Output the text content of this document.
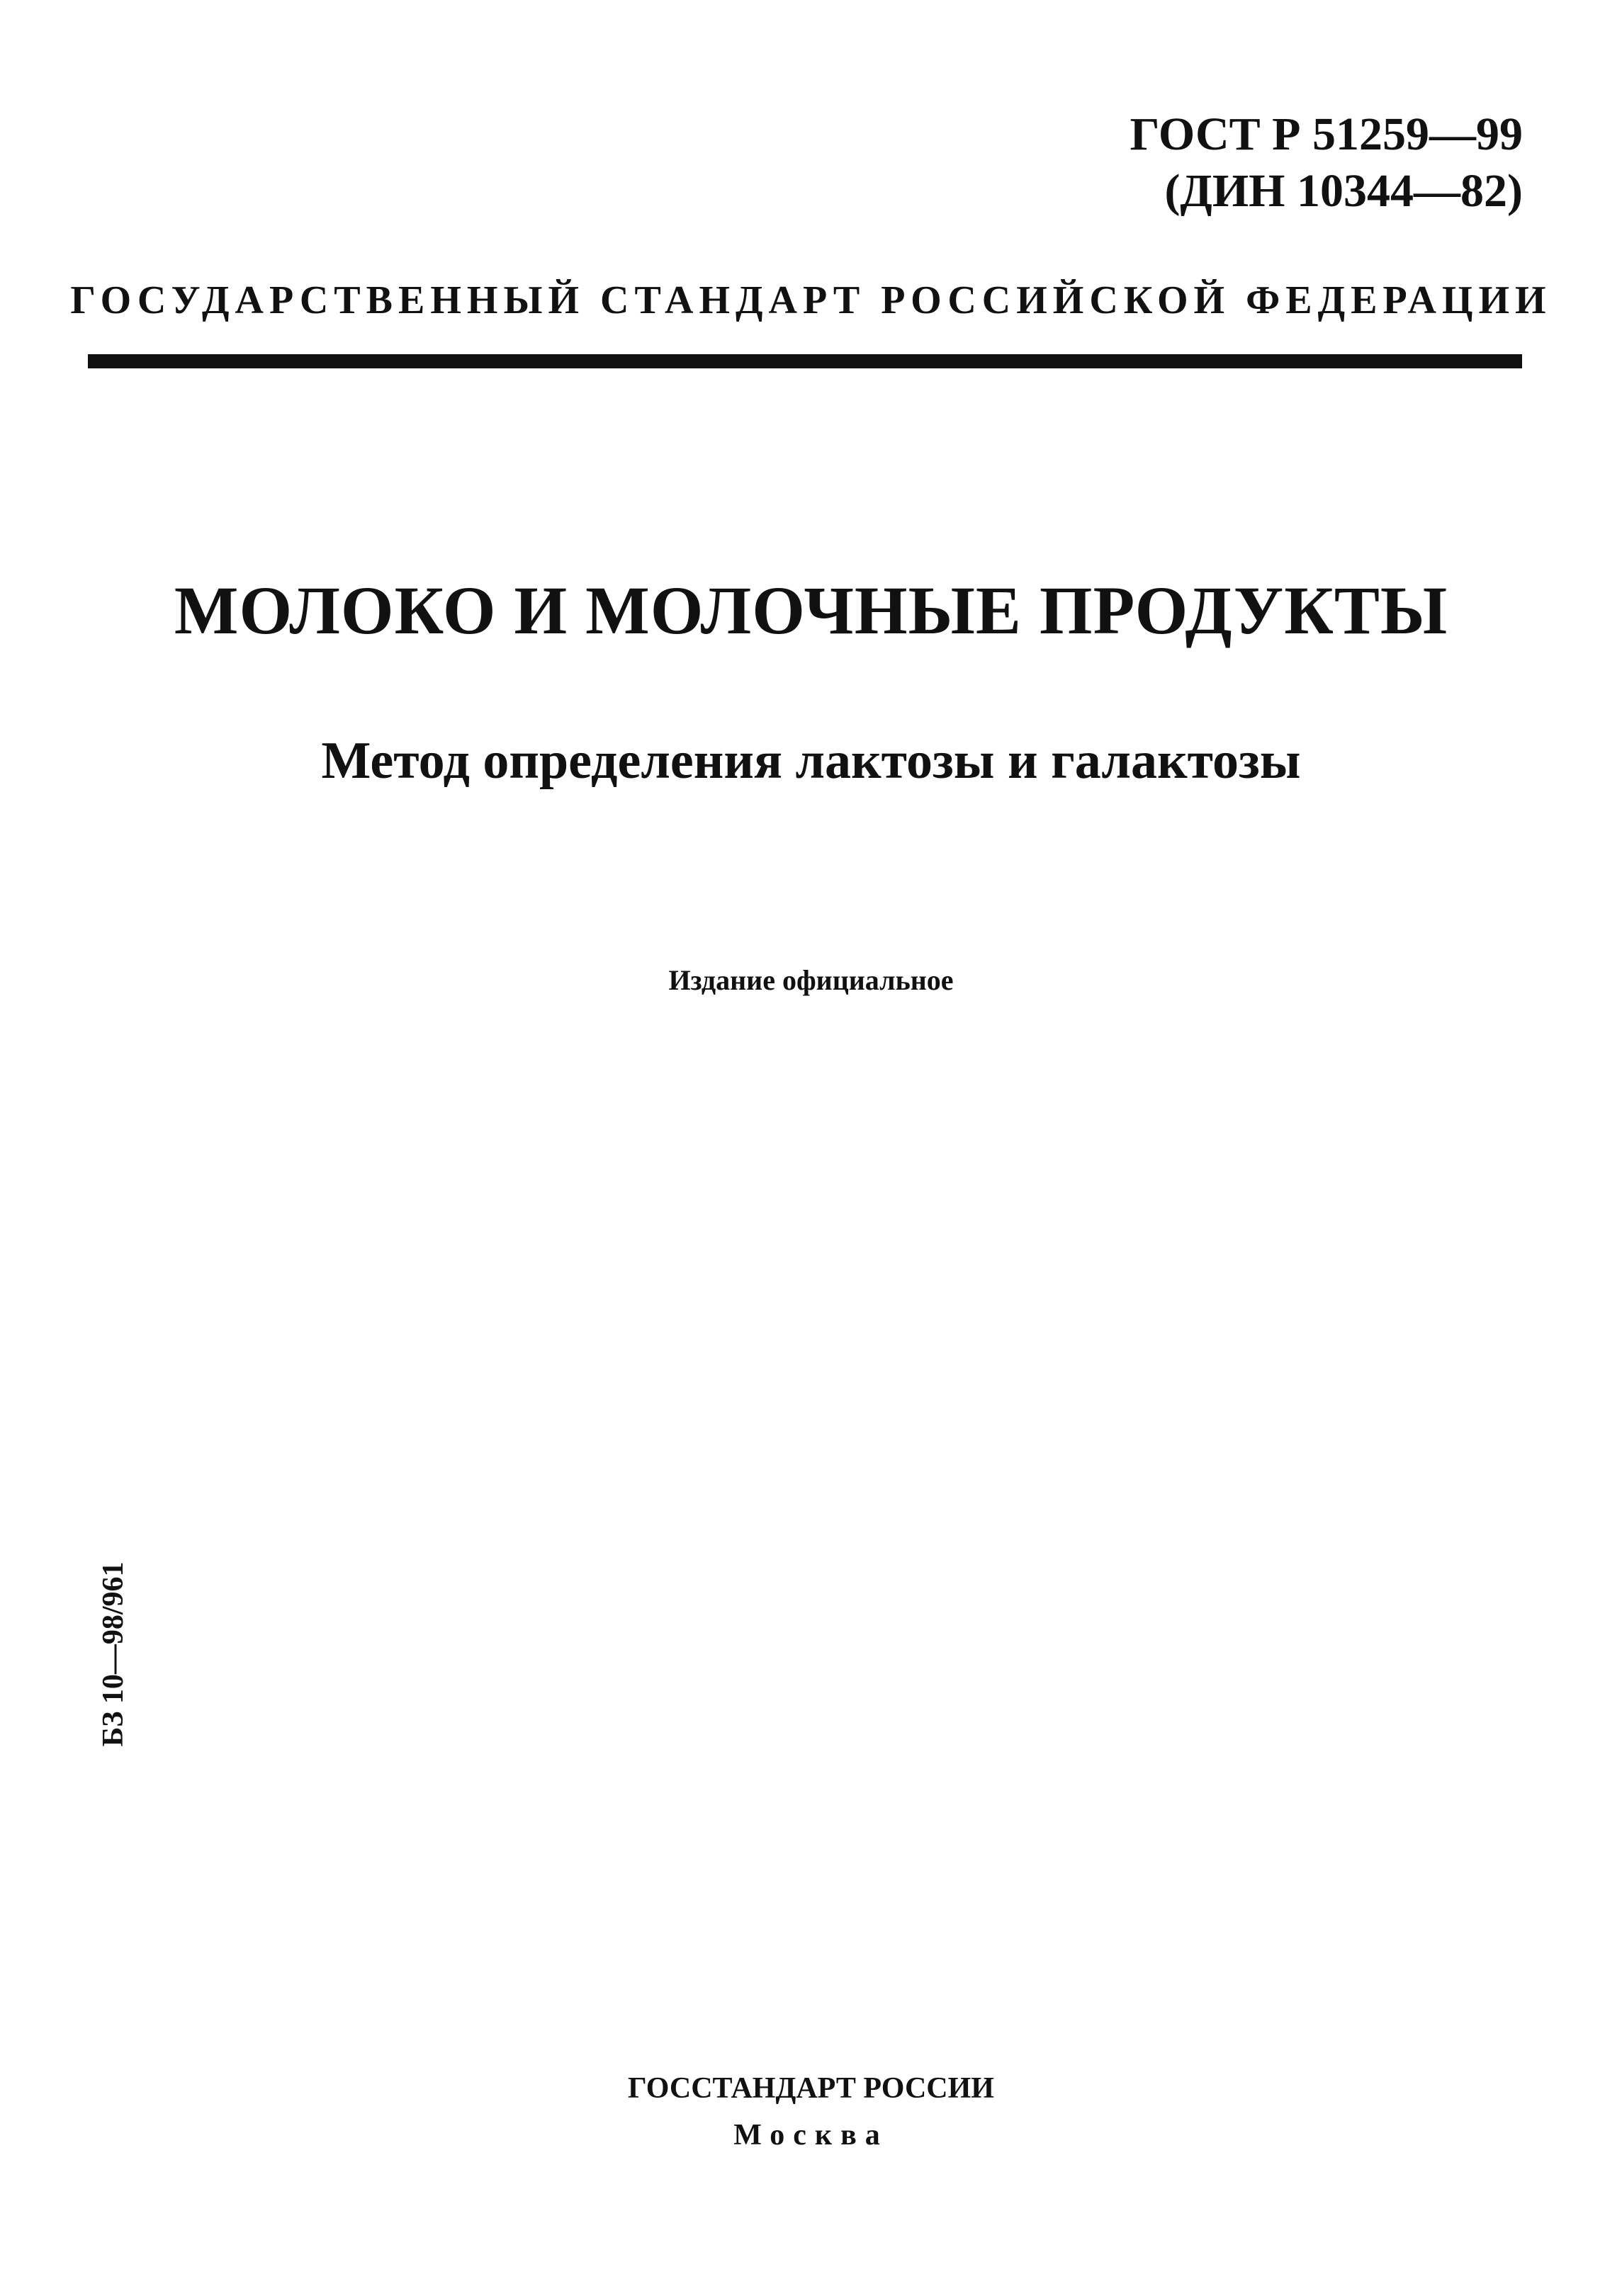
ГОСТ Р 51259—99
(ДИН 10344—82)
ГОСУДАРСТВЕННЫЙ СТАНДАРТ РОССИЙСКОЙ ФЕДЕРАЦИИ
МОЛОКО И МОЛОЧНЫЕ ПРОДУКТЫ
Метод определения лактозы и галактозы
Издание официальное
БЗ 10—98/961
ГОССТАНДАРТ РОССИИ
Москва
